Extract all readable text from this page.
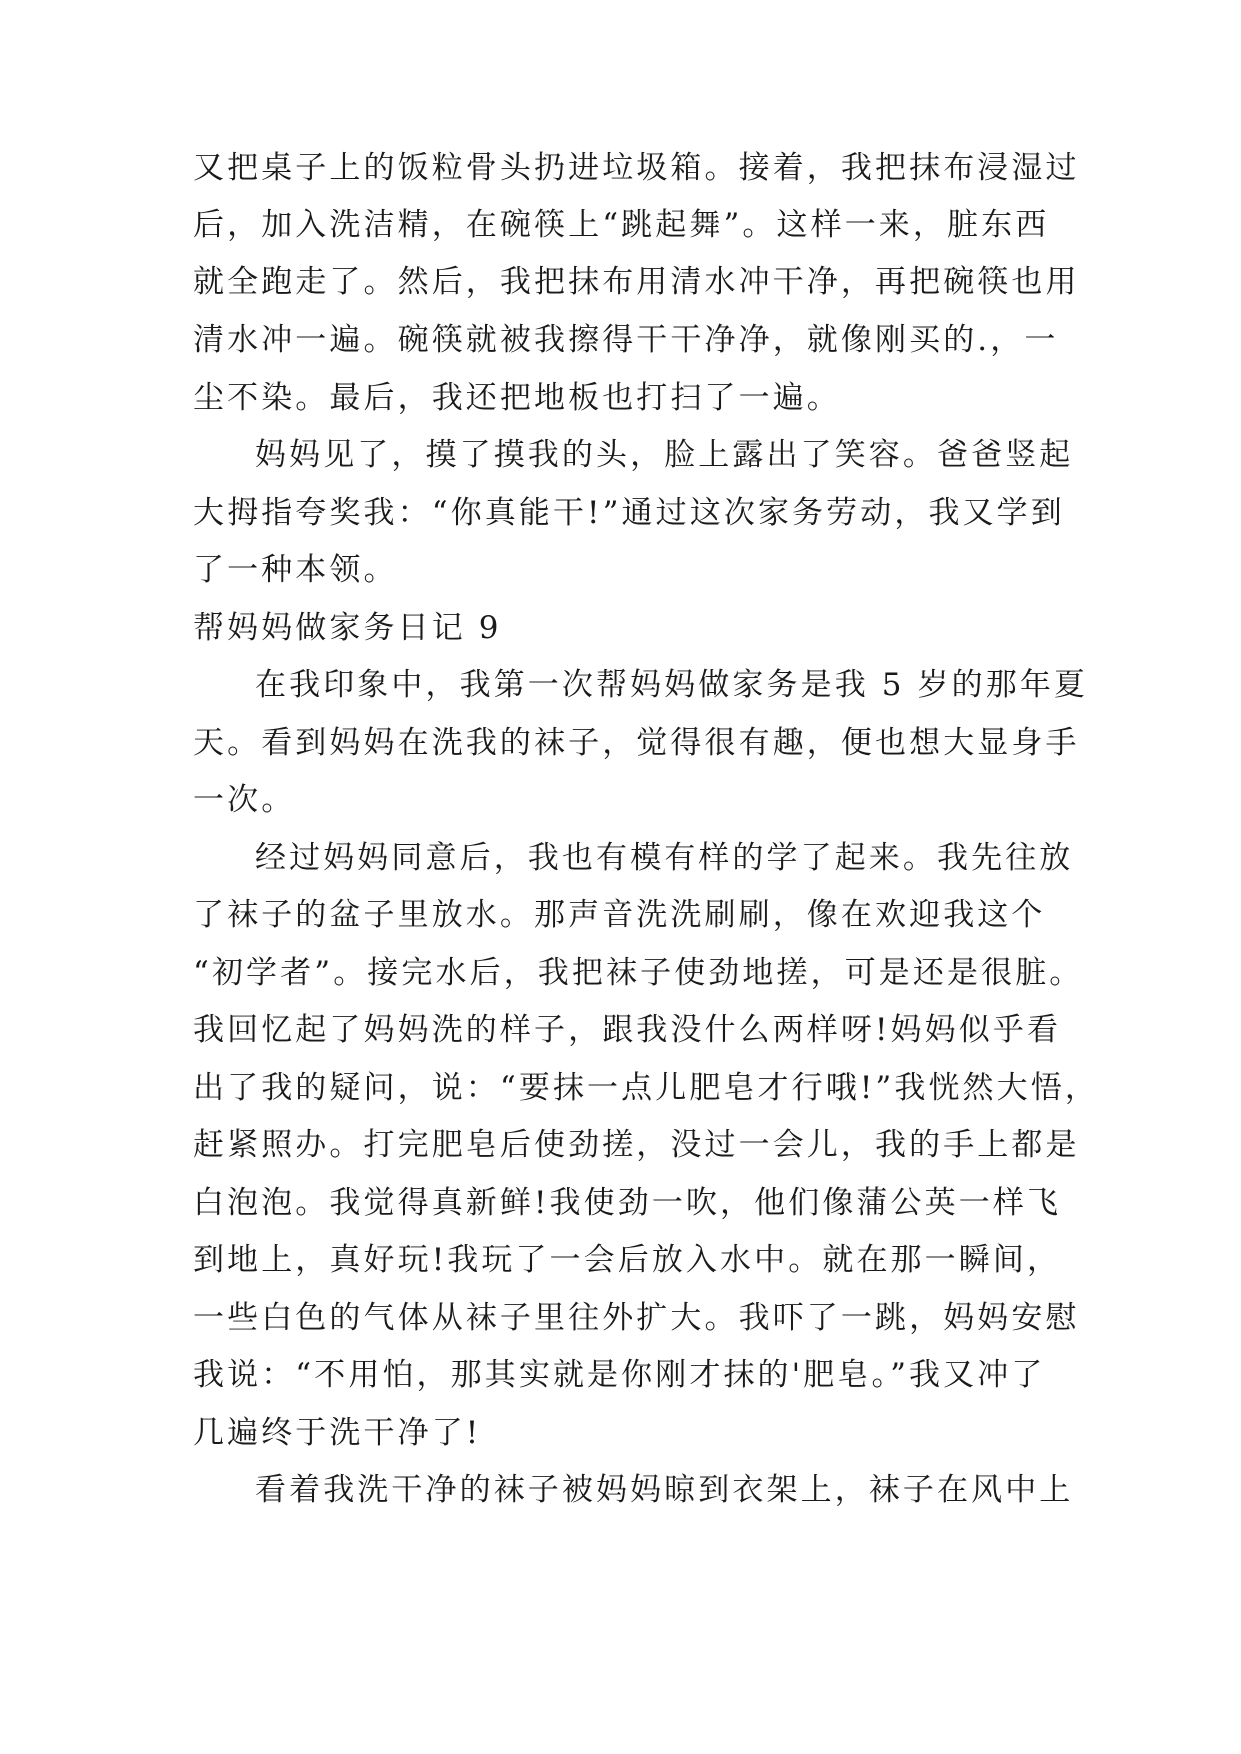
又把桌子上的饭粒骨头扔进垃圾箱。接着，我把抹布浸湿过
后，加入洗洁精，在碗筷上“跳起舞”。这样一来，脏东西
就全跑走了。然后，我把抹布用清水冲干净，再把碗筷也用
清水冲一遍。碗筷就被我擦得干干净净，就像刚买的.，一
尘不染。最后，我还把地板也打扫了一遍。
妈妈见了，摸了摸我的头，脸上露出了笑容。爸爸竖起
大拇指夸奖我：“你真能干!”通过这次家务劳动，我又学到
了一种本领。
帮妈妈做家务日记 9
在我印象中，我第一次帮妈妈做家务是我 5 岁的那年夏
天。看到妈妈在洗我的袜子，觉得很有趣，便也想大显身手
一次。
经过妈妈同意后，我也有模有样的学了起来。我先往放
了袜子的盆子里放水。那声音洗洗刷刷，像在欢迎我这个
“初学者”。接完水后，我把袜子使劲地搓，可是还是很脏。
我回忆起了妈妈洗的样子，跟我没什么两样呀!妈妈似乎看
出了我的疑问，说：“要抹一点儿肥皂才行哦!”我恍然大悟，
赶紧照办。打完肥皂后使劲搓，没过一会儿，我的手上都是
白泡泡。我觉得真新鲜!我使劲一吹，他们像蒲公英一样飞
到地上，真好玩!我玩了一会后放入水中。就在那一瞬间，
一些白色的气体从袜子里往外扩大。我吓了一跳，妈妈安慰
我说：“不用怕，那其实就是你刚才抹的'肥皂。”我又冲了
几遍终于洗干净了!
看着我洗干净的袜子被妈妈晾到衣架上，袜子在风中上
